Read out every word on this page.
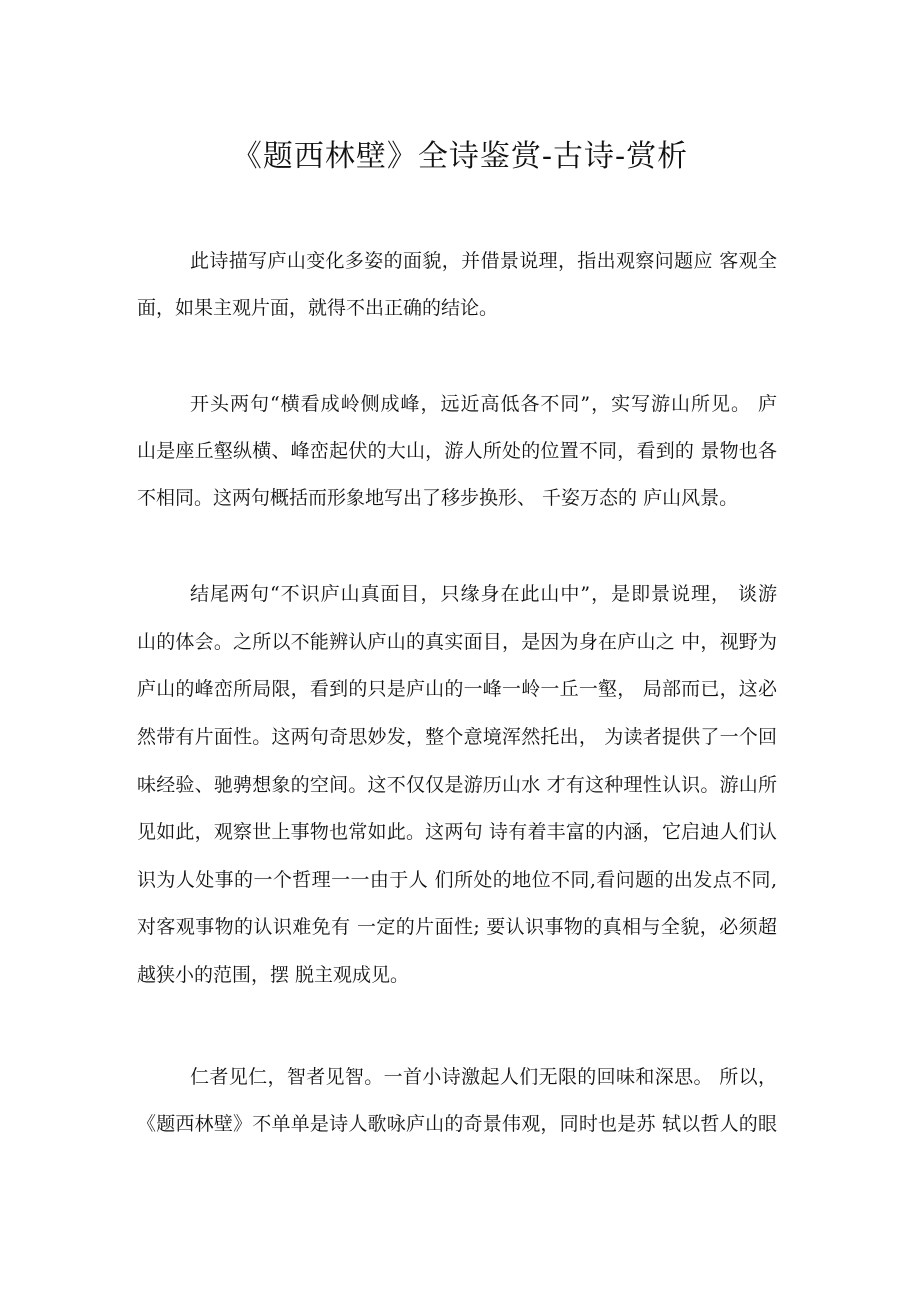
《题西林壁》全诗鉴赏-古诗-赏析
此诗描写庐山变化多姿的面貌，并借景说理，指出观察问题应 客观全
面，如果主观片面，就得不出正确的结论。
开头两句“横看成岭侧成峰，远近高低各不同”，实写游山所见。 庐
山是座丘壑纵横、峰峦起伏的大山，游人所处的位置不同，看到的 景物也各
不相同。这两句概括而形象地写出了移步换形、 千姿万态的 庐山风景。
结尾两句“不识庐山真面目，只缘身在此山中”，是即景说理， 谈游
山的体会。之所以不能辨认庐山的真实面目，是因为身在庐山之 中，视野为
庐山的峰峦所局限，看到的只是庐山的一峰一岭一丘一壑， 局部而已，这必
然带有片面性。这两句奇思妙发，整个意境浑然托出， 为读者提供了一个回
味经验、驰骋想象的空间。这不仅仅是游历山水 才有这种理性认识。游山所
见如此，观察世上事物也常如此。这两句 诗有着丰富的内涵，它启迪人们认
识为人处事的一个哲理一一由于人 们所处的地位不同,看问题的出发点不同,
对客观事物的认识难免有 一定的片面性; 要认识事物的真相与全貌，必须超
越狭小的范围，摆 脱主观成见。
仁者见仁，智者见智。一首小诗激起人们无限的回味和深思。 所以，
《题西林壁》不单单是诗人歌咏庐山的奇景伟观，同时也是苏 轼以哲人的眼
